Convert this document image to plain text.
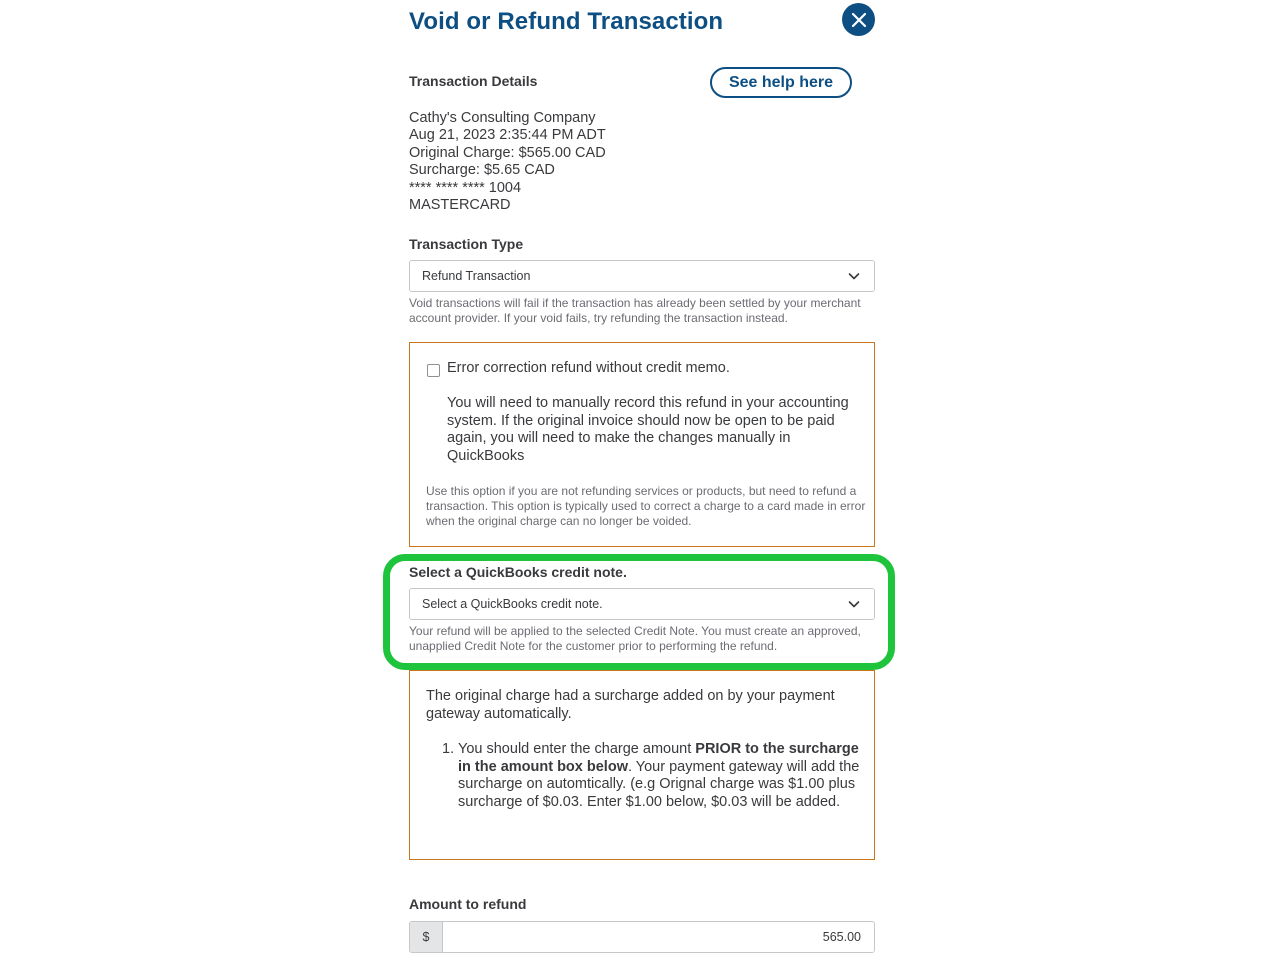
Void or Refund Transaction
Transaction Details	See help here
Cathy's Consulting Company
Aug 21, 2023 2:35:44 PM ADT
Original Charge: $565.00 CAD
Surcharge: $5.65 CAD
**** **** **** 1004
MASTERCARD
Transaction Type
Refund Transaction
Void transactions will fail if the transaction has already been settled by your merchant account provider. If your void fails, try refunding the transaction instead.
Error correction refund without credit memo.
You will need to manually record this refund in your accounting system. If the original invoice should now be open to be paid again, you will need to make the changes manually in QuickBooks
Use this option if you are not refunding services or products, but need to refund a transaction. This option is typically used to correct a charge to a card made in error when the original charge can no longer be voided.
Select a QuickBooks credit note.
Select a QuickBooks credit note.
Your refund will be applied to the selected Credit Note. You must create an approved, unapplied Credit Note for the customer prior to performing the refund.
The original charge had a surcharge added on by your payment gateway automatically.
1. You should enter the charge amount PRIOR to the surcharge in the amount box below. Your payment gateway will add the surcharge on automtically. (e.g Orignal charge was $1.00 plus surcharge of $0.03. Enter $1.00 below, $0.03 will be added.
Amount to refund
$
565.00
